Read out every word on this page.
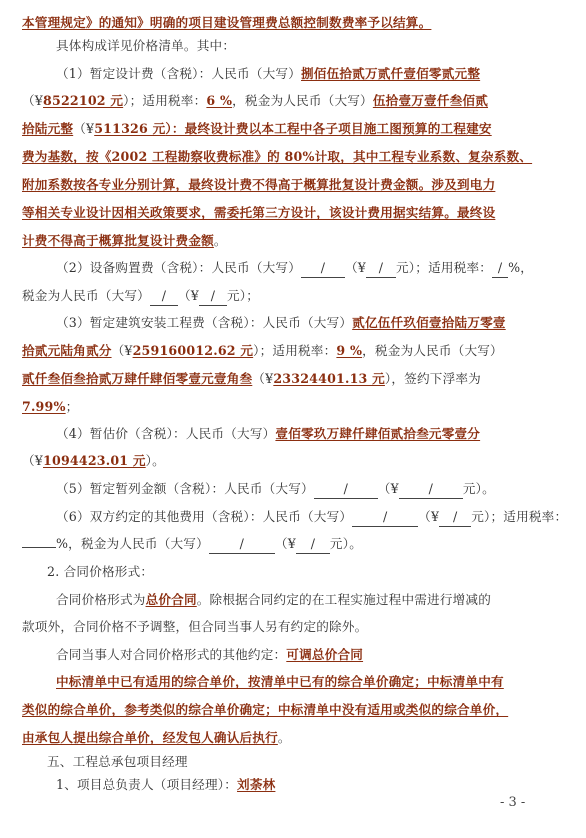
本管理规定》的通知》明确的项目建设管理费总额控制数费率予以结算。
具体构成详见价格清单。其中：
（1）暂定设计费（含税）：人民币（大写）捌佰伍拾贰万贰仟壹佰零贰元整
（¥8522102 元）；适用税率：6 %，税金为人民币（大写）伍拾壹万壹仟叁佰贰
拾陆元整（¥511326 元）：最终设计费以本工程中各子项目施工图预算的工程建安
费为基数，按《2002 工程勘察收费标准》的 80%计取，其中工程专业系数、复杂系数、
附加系数按各专业分别计算，最终设计费不得高于概算批复设计费金额。涉及到电力
等相关专业设计因相关政策要求，需委托第三方设计，该设计费用据实结算。最终设
计费不得高于概算批复设计费金额。
（2）设备购置费（含税）：人民币（大写） / （¥ / 元）；适用税率： / %，
税金为人民币（大写） / （¥ / 元）；
（3）暂定建筑安装工程费（含税）：人民币（大写）贰亿伍仟玖佰壹拾陆万零壹
拾贰元陆角贰分（¥259160012.62 元）；适用税率：9 %，税金为人民币（大写）
贰仟叁佰叁拾贰万肆仟肆佰零壹元壹角叁（¥23324401.13 元），签约下浮率为
7.99%；
（4）暂估价（含税）：人民币（大写）壹佰零玖万肆仟肆佰贰拾叁元零壹分
（¥1094423.01 元）。
（5）暂定暂列金额（含税）：人民币（大写） / （¥ / 元）。
（6）双方约定的其他费用（含税）：人民币（大写） / （¥ / 元）；适用税率：
%，税金为人民币（大写） / （¥ / 元）。
2. 合同价格形式：
合同价格形式为总价合同。除根据合同约定的在工程实施过程中需进行增减的
款项外，合同价格不予调整，但合同当事人另有约定的除外。
合同当事人对合同价格形式的其他约定：可调总价合同
中标清单中已有适用的综合单价，按清单中已有的综合单价确定；中标清单中有
类似的综合单价，参考类似的综合单价确定；中标清单中没有适用或类似的综合单价，
由承包人提出综合单价，经发包人确认后执行。
五、工程总承包项目经理
1、项目总负责人（项目经理）：刘荼林
- 3 -
